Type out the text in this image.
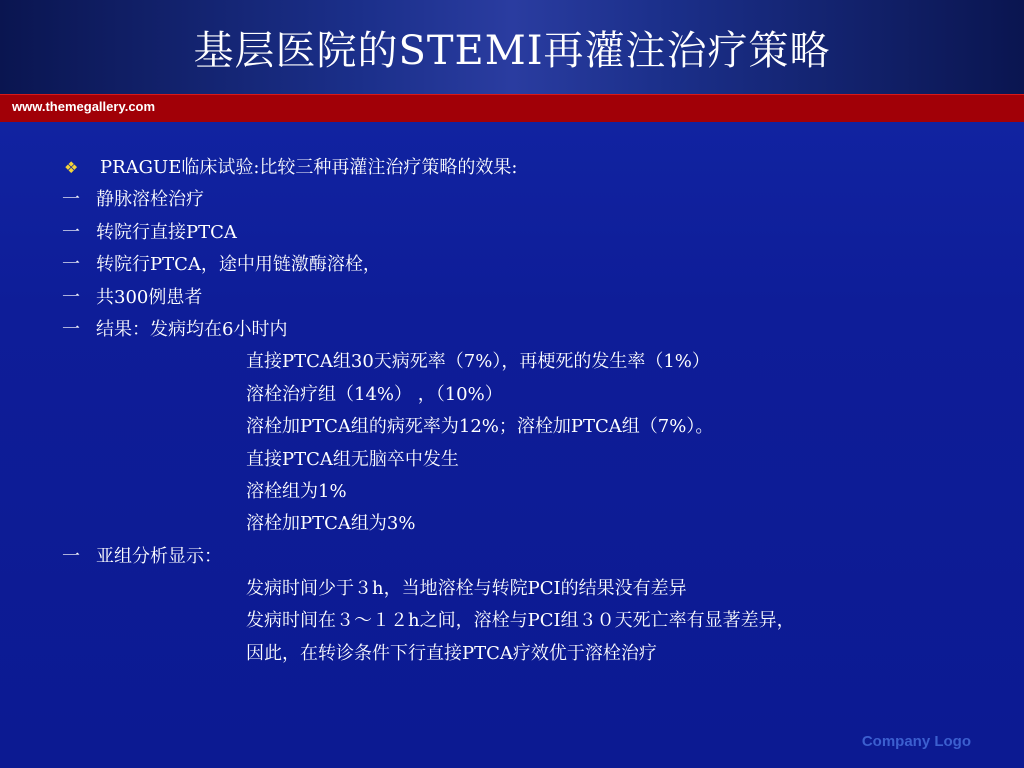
基层医院的STEMI再灌注治疗策略
www.themegallery.com
❖ PRAGUE临床试验:比较三种再灌注治疗策略的效果:
一 静脉溶栓治疗
一 转院行直接PTCA
一 转院行PTCA，途中用链激酶溶栓，
一 共300例患者
一 结果：发病均在6小时内
直接PTCA组30天病死率（7%），再梗死的发生率（1%）
溶栓治疗组（14%） ，（10%）
溶栓加PTCA组的病死率为12%；溶栓加PTCA组（7%）。
直接PTCA组无脑卒中发生
溶栓组为1%
溶栓加PTCA组为3%
一 亚组分析显示：
发病时间少于３h，当地溶栓与转院PCI的结果没有差异
发病时间在３～１２h之间，溶栓与PCI组３０天死亡率有显著差异，
因此，在转诊条件下行直接PTCA疗效优于溶栓治疗
Company Logo
